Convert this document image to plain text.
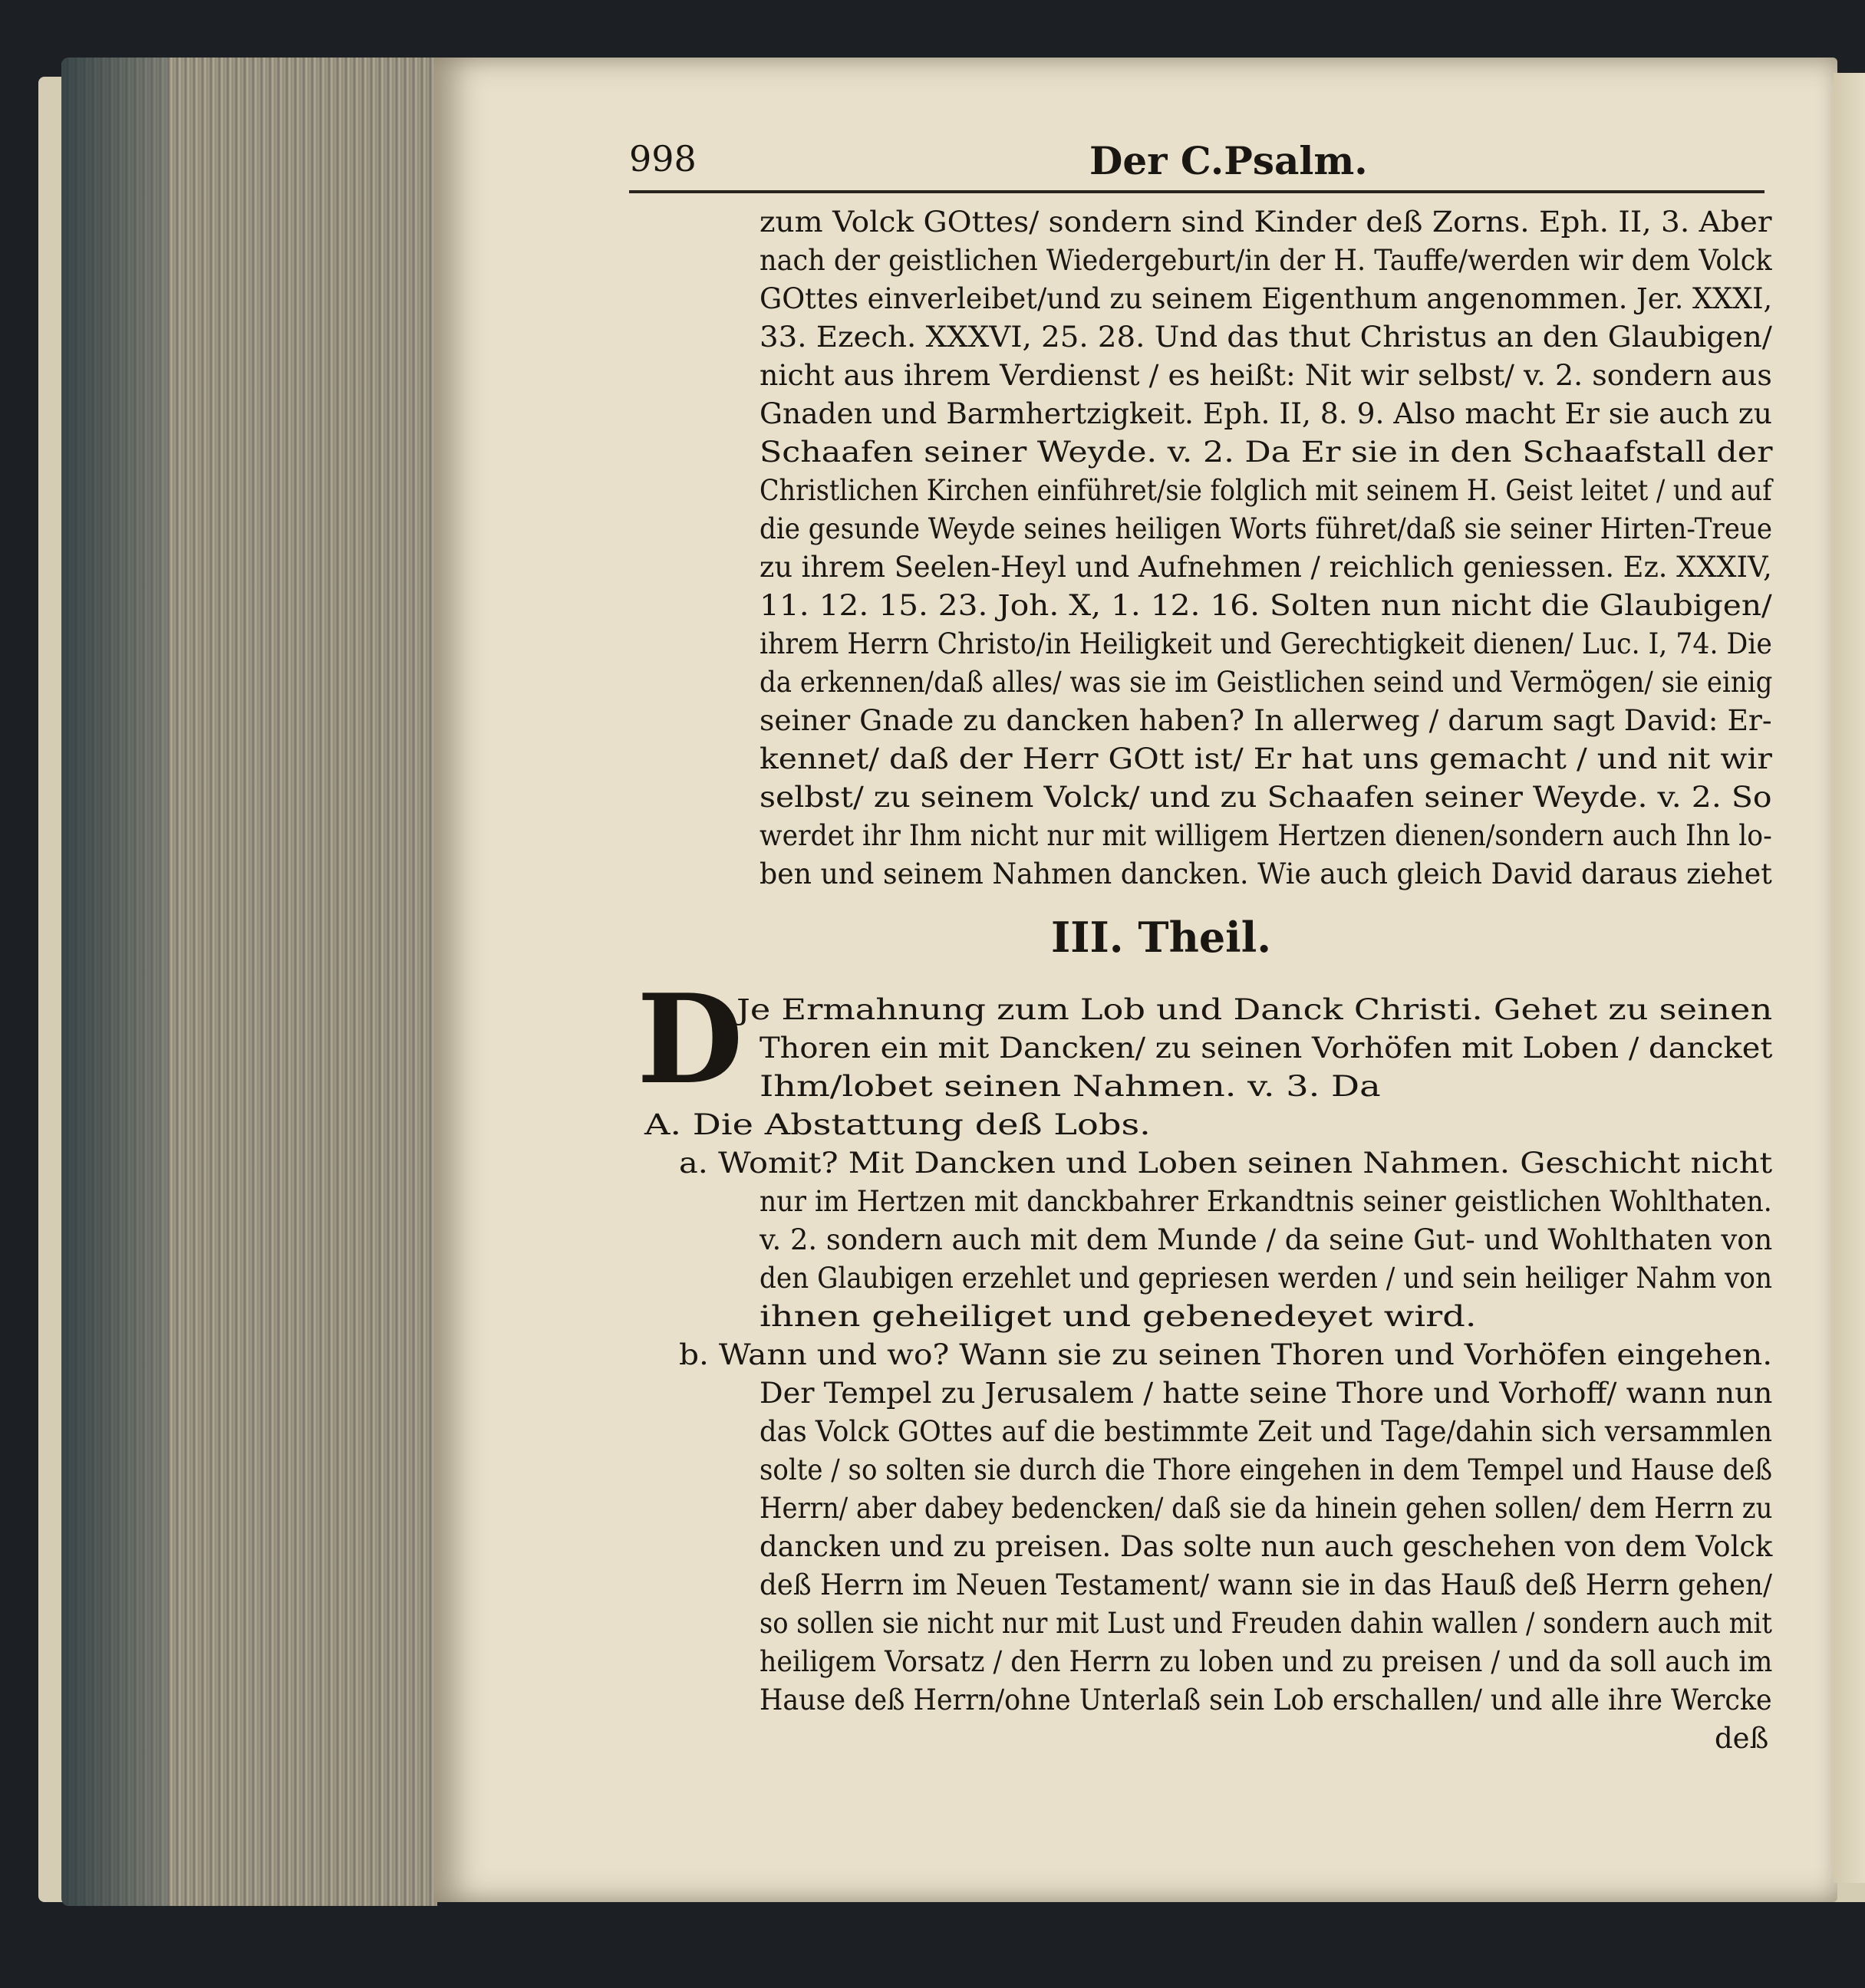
998	Der C.Psalm.
zum Volck GOttes/ sondern sind Kinder deß Zorns. Eph. II, 3. Aber
nach der geistlichen Wiedergeburt/in der H. Tauffe/werden wir dem Volck
GOttes einverleibet/und zu seinem Eigenthum angenommen. Jer. XXXI,
33. Ezech. XXXVI, 25. 28. Und das thut Christus an den Glaubigen/
nicht aus ihrem Verdienst / es heißt: Nit wir selbst/ v. 2. sondern aus
Gnaden und Barmhertzigkeit. Eph. II, 8. 9. Also macht Er sie auch zu
Schaafen seiner Weyde. v. 2. Da Er sie in den Schaafstall der
Christlichen Kirchen einführet/sie folglich mit seinem H. Geist leitet / und auf
die gesunde Weyde seines heiligen Worts führet/daß sie seiner Hirten-Treue
zu ihrem Seelen-Heyl und Aufnehmen / reichlich geniessen. Ez. XXXIV,
11. 12. 15. 23. Joh. X, 1. 12. 16. Solten nun nicht die Glaubigen/
ihrem Herrn Christo/in Heiligkeit und Gerechtigkeit dienen/ Luc. I, 74. Die
da erkennen/daß alles/ was sie im Geistlichen seind und Vermögen/ sie einig
seiner Gnade zu dancken haben? In allerweg / darum sagt David: Er-
kennet/ daß der Herr GOtt ist/ Er hat uns gemacht / und nit wir
selbst/ zu seinem Volck/ und zu Schaafen seiner Weyde. v. 2. So
werdet ihr Ihm nicht nur mit willigem Hertzen dienen/sondern auch Ihn lo-
ben und seinem Nahmen dancken. Wie auch gleich David daraus ziehet
III. Theil.
D
Je Ermahnung zum Lob und Danck Christi. Gehet zu seinen
Thoren ein mit Dancken/ zu seinen Vorhöfen mit Loben / dancket
Ihm/lobet seinen Nahmen. v. 3. Da
A. Die Abstattung deß Lobs.
a. Womit? Mit Dancken und Loben seinen Nahmen. Geschicht nicht
nur im Hertzen mit danckbahrer Erkandtnis seiner geistlichen Wohlthaten.
v. 2. sondern auch mit dem Munde / da seine Gut- und Wohlthaten von
den Glaubigen erzehlet und gepriesen werden / und sein heiliger Nahm von
ihnen geheiliget und gebenedeyet wird.
b. Wann und wo? Wann sie zu seinen Thoren und Vorhöfen eingehen.
Der Tempel zu Jerusalem / hatte seine Thore und Vorhoff/ wann nun
das Volck GOttes auf die bestimmte Zeit und Tage/dahin sich versammlen
solte / so solten sie durch die Thore eingehen in dem Tempel und Hause deß
Herrn/ aber dabey bedencken/ daß sie da hinein gehen sollen/ dem Herrn zu
dancken und zu preisen. Das solte nun auch geschehen von dem Volck
deß Herrn im Neuen Testament/ wann sie in das Hauß deß Herrn gehen/
so sollen sie nicht nur mit Lust und Freuden dahin wallen / sondern auch mit
heiligem Vorsatz / den Herrn zu loben und zu preisen / und da soll auch im
Hause deß Herrn/ohne Unterlaß sein Lob erschallen/ und alle ihre Wercke
deß
